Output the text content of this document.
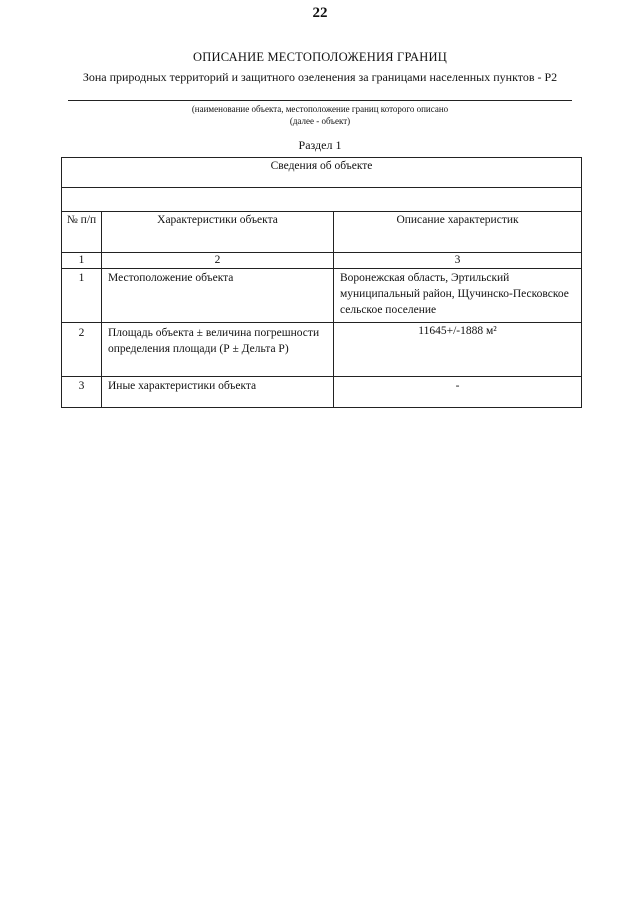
22
ОПИСАНИЕ МЕСТОПОЛОЖЕНИЯ ГРАНИЦ
Зона природных территорий и защитного озеленения за границами населенных пунктов - Р2
(наименование объекта, местоположение границ которого описано
(далее - объект)
Раздел 1
Сведения об объекте		

№ п/п	Характеристики объекта	Описание характеристик
1	2	3
1	Местоположение объекта	Воронежская область, Эртильский муниципальный район, Щучинско-Песковское сельское поселение
2	Площадь объекта ± величина погрешности определения площади (Р ± Дельта Р)	11645+/-1888 м²
3	Иные характеристики объекта	-
